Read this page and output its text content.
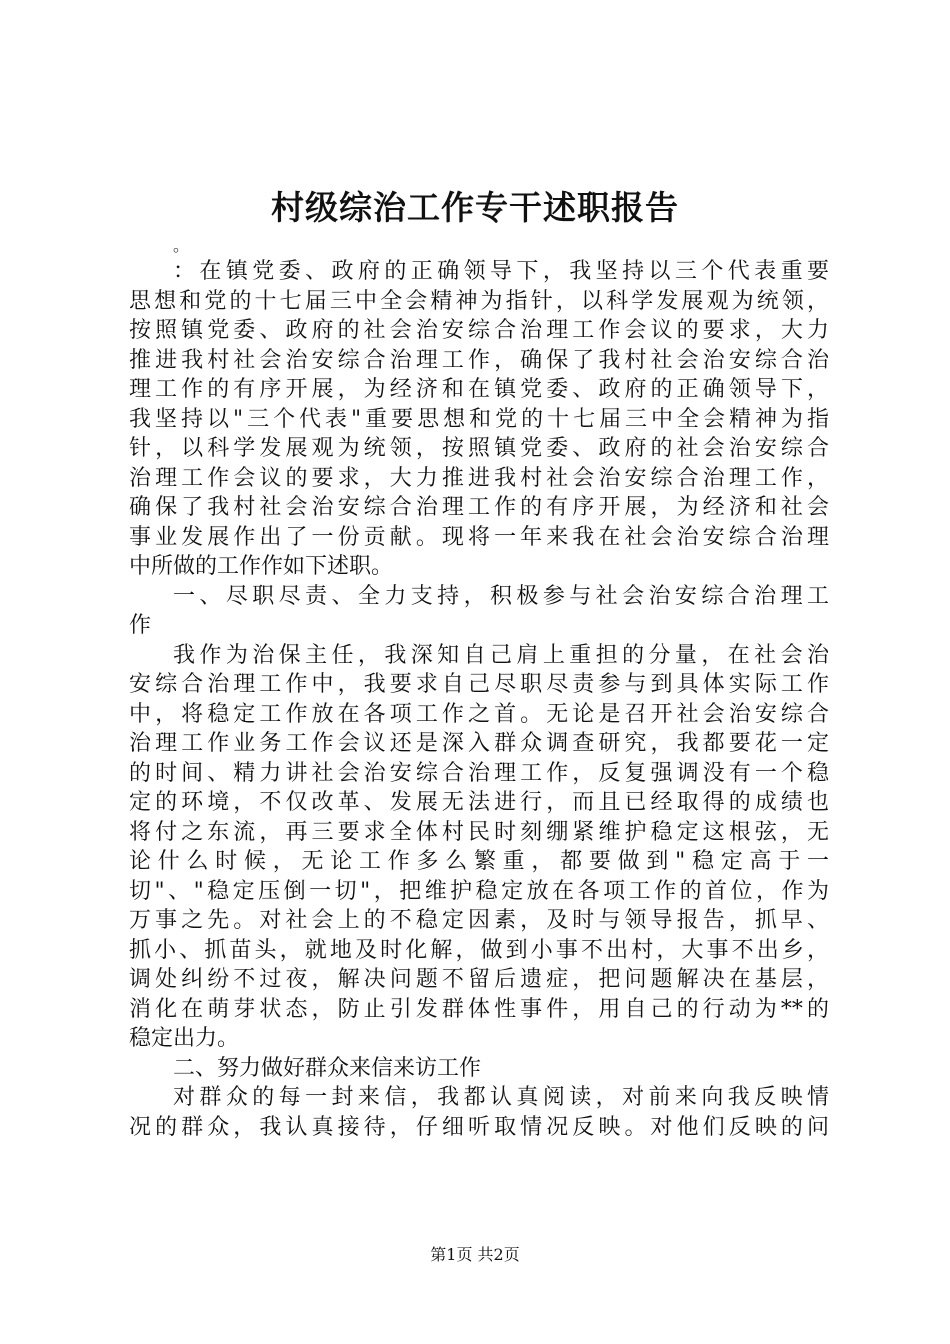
村级综治工作专干述职报告
。
：在镇党委、政府的正确领导下，我坚持以三个代表重要
思想和党的十七届三中全会精神为指针，以科学发展观为统领，
按照镇党委、政府的社会治安综合治理工作会议的要求，大力
推进我村社会治安综合治理工作，确保了我村社会治安综合治
理工作的有序开展，为经济和在镇党委、政府的正确领导下，
我坚持以"三个代表"重要思想和党的十七届三中全会精神为指
针，以科学发展观为统领，按照镇党委、政府的社会治安综合
治理工作会议的要求，大力推进我村社会治安综合治理工作，
确保了我村社会治安综合治理工作的有序开展，为经济和社会
事业发展作出了一份贡献。现将一年来我在社会治安综合治理
中所做的工作作如下述职。
一、尽职尽责、全力支持，积极参与社会治安综合治理工
作
我作为治保主任，我深知自己肩上重担的分量，在社会治
安综合治理工作中，我要求自己尽职尽责参与到具体实际工作
中，将稳定工作放在各项工作之首。无论是召开社会治安综合
治理工作业务工作会议还是深入群众调查研究，我都要花一定
的时间、精力讲社会治安综合治理工作，反复强调没有一个稳
定的环境，不仅改革、发展无法进行，而且已经取得的成绩也
将付之东流，再三要求全体村民时刻绷紧维护稳定这根弦，无
论什么时候，无论工作多么繁重，都要做到"稳定高于一
切"、"稳定压倒一切"，把维护稳定放在各项工作的首位，作为
万事之先。对社会上的不稳定因素，及时与领导报告，抓早、
抓小、抓苗头，就地及时化解，做到小事不出村，大事不出乡，
调处纠纷不过夜，解决问题不留后遗症，把问题解决在基层，
消化在萌芽状态，防止引发群体性事件，用自己的行动为**的
稳定出力。
二、努力做好群众来信来访工作
对群众的每一封来信，我都认真阅读，对前来向我反映情
况的群众，我认真接待，仔细听取情况反映。对他们反映的问
第1页 共2页
